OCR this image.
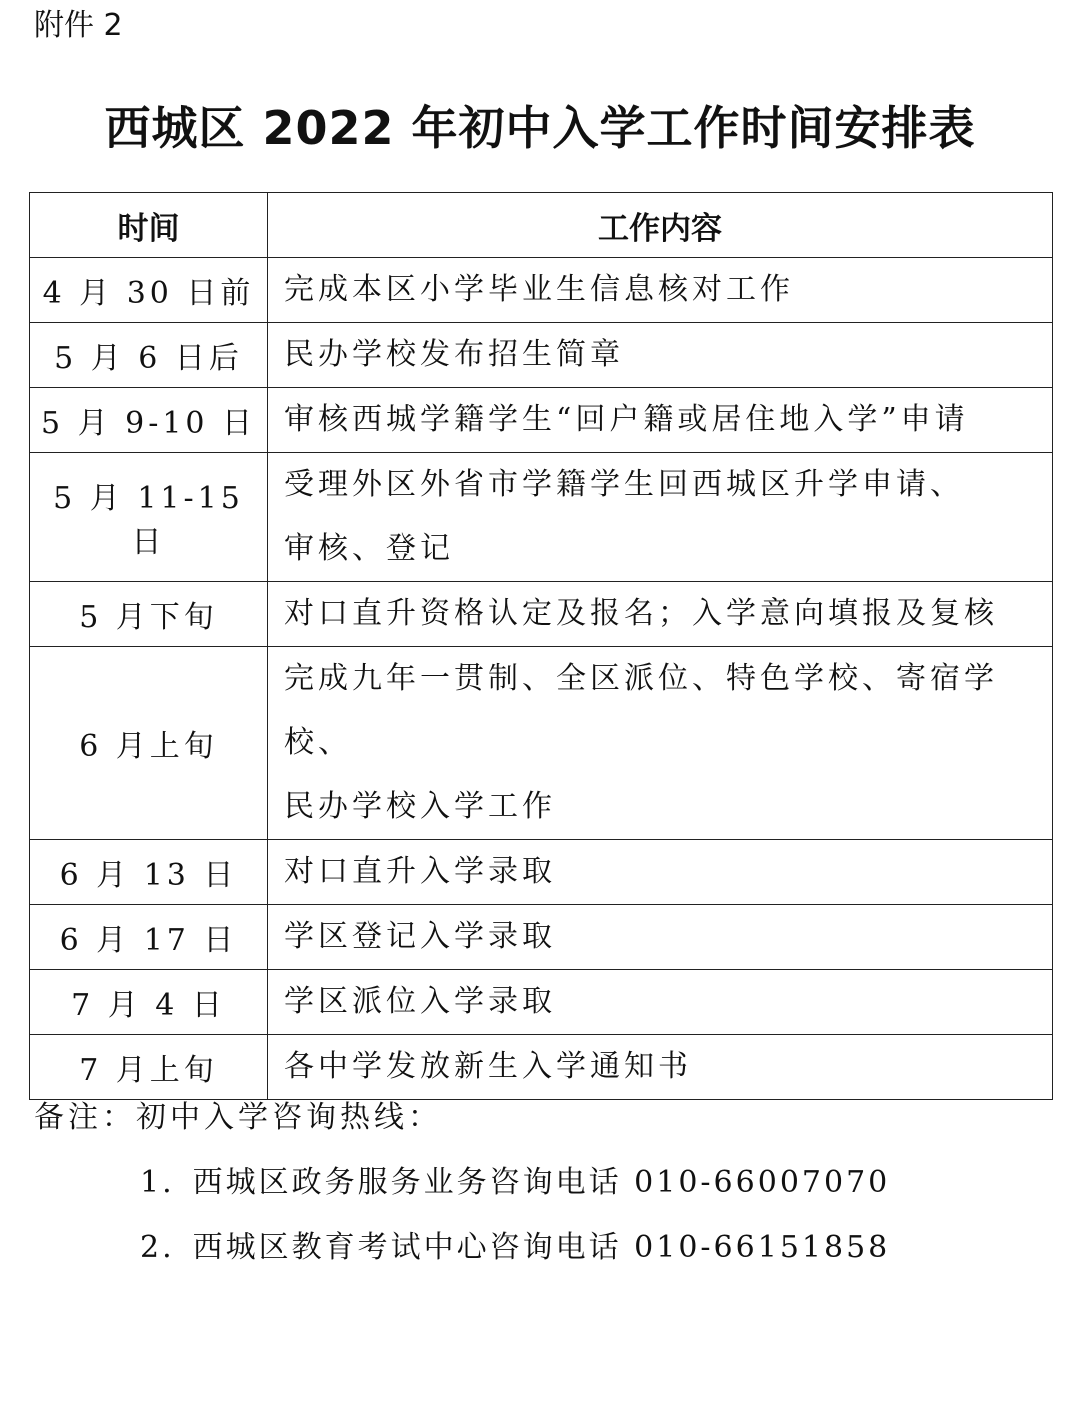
附件 2
西城区 2022 年初中入学工作时间安排表
时间	工作内容
4 月 30 日前	完成本区小学毕业生信息核对工作
5 月 6 日后	民办学校发布招生简章
5 月 9-10 日	审核西城学籍学生“回户籍或居住地入学”申请
5 月 11-15 日	受理外区外省市学籍学生回西城区升学申请、
审核、登记

5 月下旬	对口直升资格认定及报名；入学意向填报及复核
6 月上旬	完成九年一贯制、全区派位、特色学校、寄宿学校、
民办学校入学工作

6 月 13 日	对口直升入学录取
6 月 17 日	学区登记入学录取
7 月 4 日	学区派位入学录取
7 月上旬	各中学发放新生入学通知书
备注：初中入学咨询热线：
1. 西城区政务服务业务咨询电话 010-66007070
2. 西城区教育考试中心咨询电话 010-66151858
